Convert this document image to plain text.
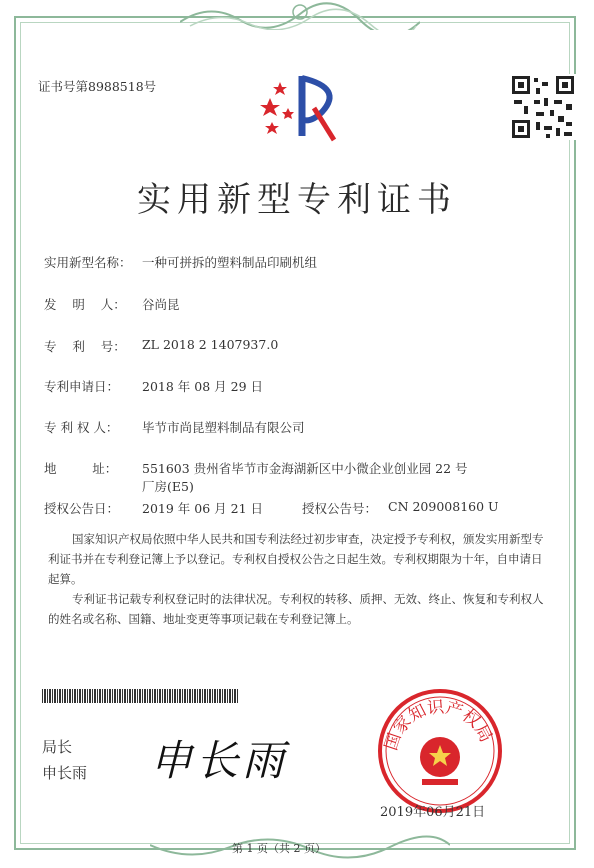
证书号第8988518号
实用新型专利证书
实用新型名称： 一种可拼拆的塑料制品印刷机组
发    明    人： 谷尚昆
专    利    号： ZL 2018 2 1407937.0
专利申请日： 2018 年 08 月 29 日
专 利 权 人： 毕节市尚昆塑料制品有限公司
地         址： 551603 贵州省毕节市金海湖新区中小微企业创业园 22 号
厂房(E5)
授权公告日： 2019 年 06 月 21 日	授权公告号： CN 209008160 U
国家知识产权局依照中华人民共和国专利法经过初步审查，决定授予专利权，颁发实用新型专利证书并在专利登记簿上予以登记。专利权自授权公告之日起生效。专利权期限为十年，自申请日起算。
专利证书记载专利权登记时的法律状况。专利权的转移、质押、无效、终止、恢复和专利权人的姓名或名称、国籍、地址变更等事项记载在专利登记簿上。
局长
申长雨 申长雨	国家知识产权局
2019年06月21日
第 1 页（共 2 页）
